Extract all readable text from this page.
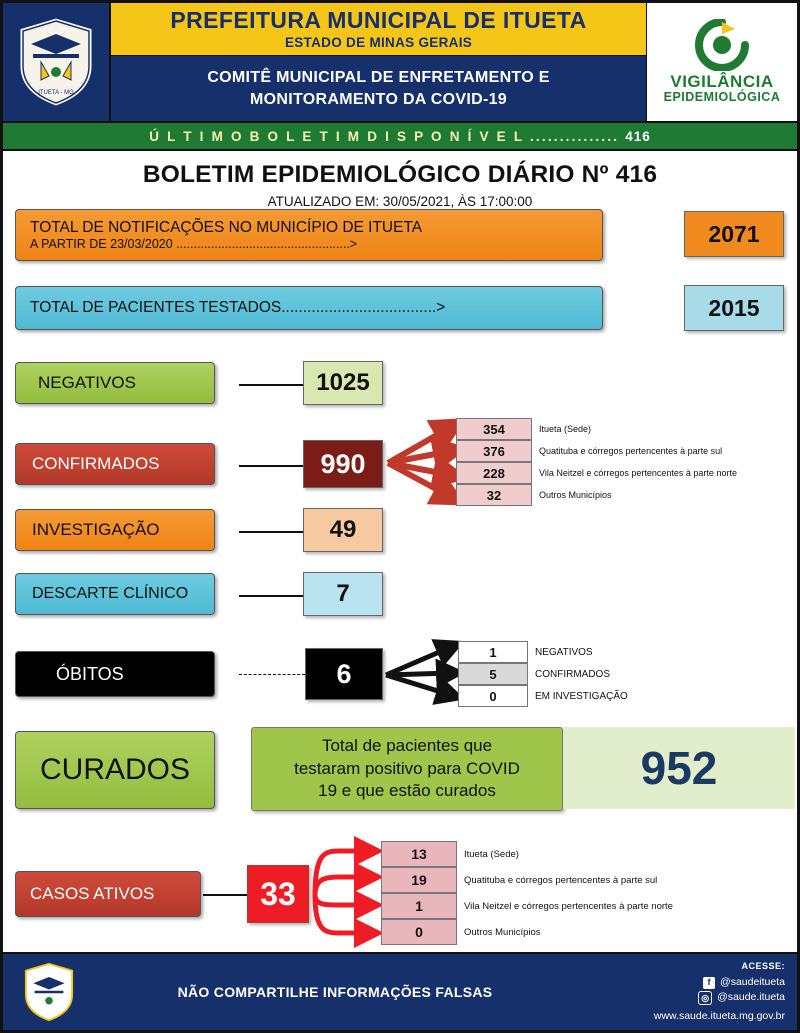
ITUETA - MG
PREFEITURA MUNICIPAL DE ITUETA
ESTADO DE MINAS GERAIS
COMITÊ MUNICIPAL DE ENFRETAMENTO E
MONITORAMENTO DA COVID-19
VIGILÂNCIA
EPIDEMIOLÓGICA
Ú L T I M O B O L E T I M D I S P O N Í V E L ............... 416
BOLETIM EPIDEMIOLÓGICO DIÁRIO Nº 416
ATUALIZADO EM: 30/05/2021, ÀS 17:00:00
TOTAL DE NOTIFICAÇÕES NO MUNICÍPIO DE ITUETA
A PARTIR DE 23/03/2020 ..................................................>	2071
TOTAL DE PACIENTES TESTADOS....................................>	2015
NEGATIVOS	1025
CONFIRMADOS	990
354	Itueta (Sede)
376	Quatituba e córregos pertencentes à parte sul
228	Vila Neitzel e córregos pertencentes à parte norte
32	Outros Municípios
INVESTIGAÇÃO	49
DESCARTE CLÍNICO	7
ÓBITOS	6
1	NEGATIVOS
5	CONFIRMADOS
0	EM INVESTIGAÇÃO
CURADOS
Total de pacientes que
testaram positivo para COVID
19 e que estão curados	952
CASOS ATIVOS	33
13	Itueta (Sede)
19	Quatituba e córregos pertencentes à parte sul
1	Vila Neitzel e córregos pertencentes à parte norte
0	Outros Municípios
NÃO COMPARTILHE INFORMAÇÕES FALSAS
ACESSE:
f @saudeitueta
◎ @saude.itueta
www.saude.itueta.mg.gov.br
